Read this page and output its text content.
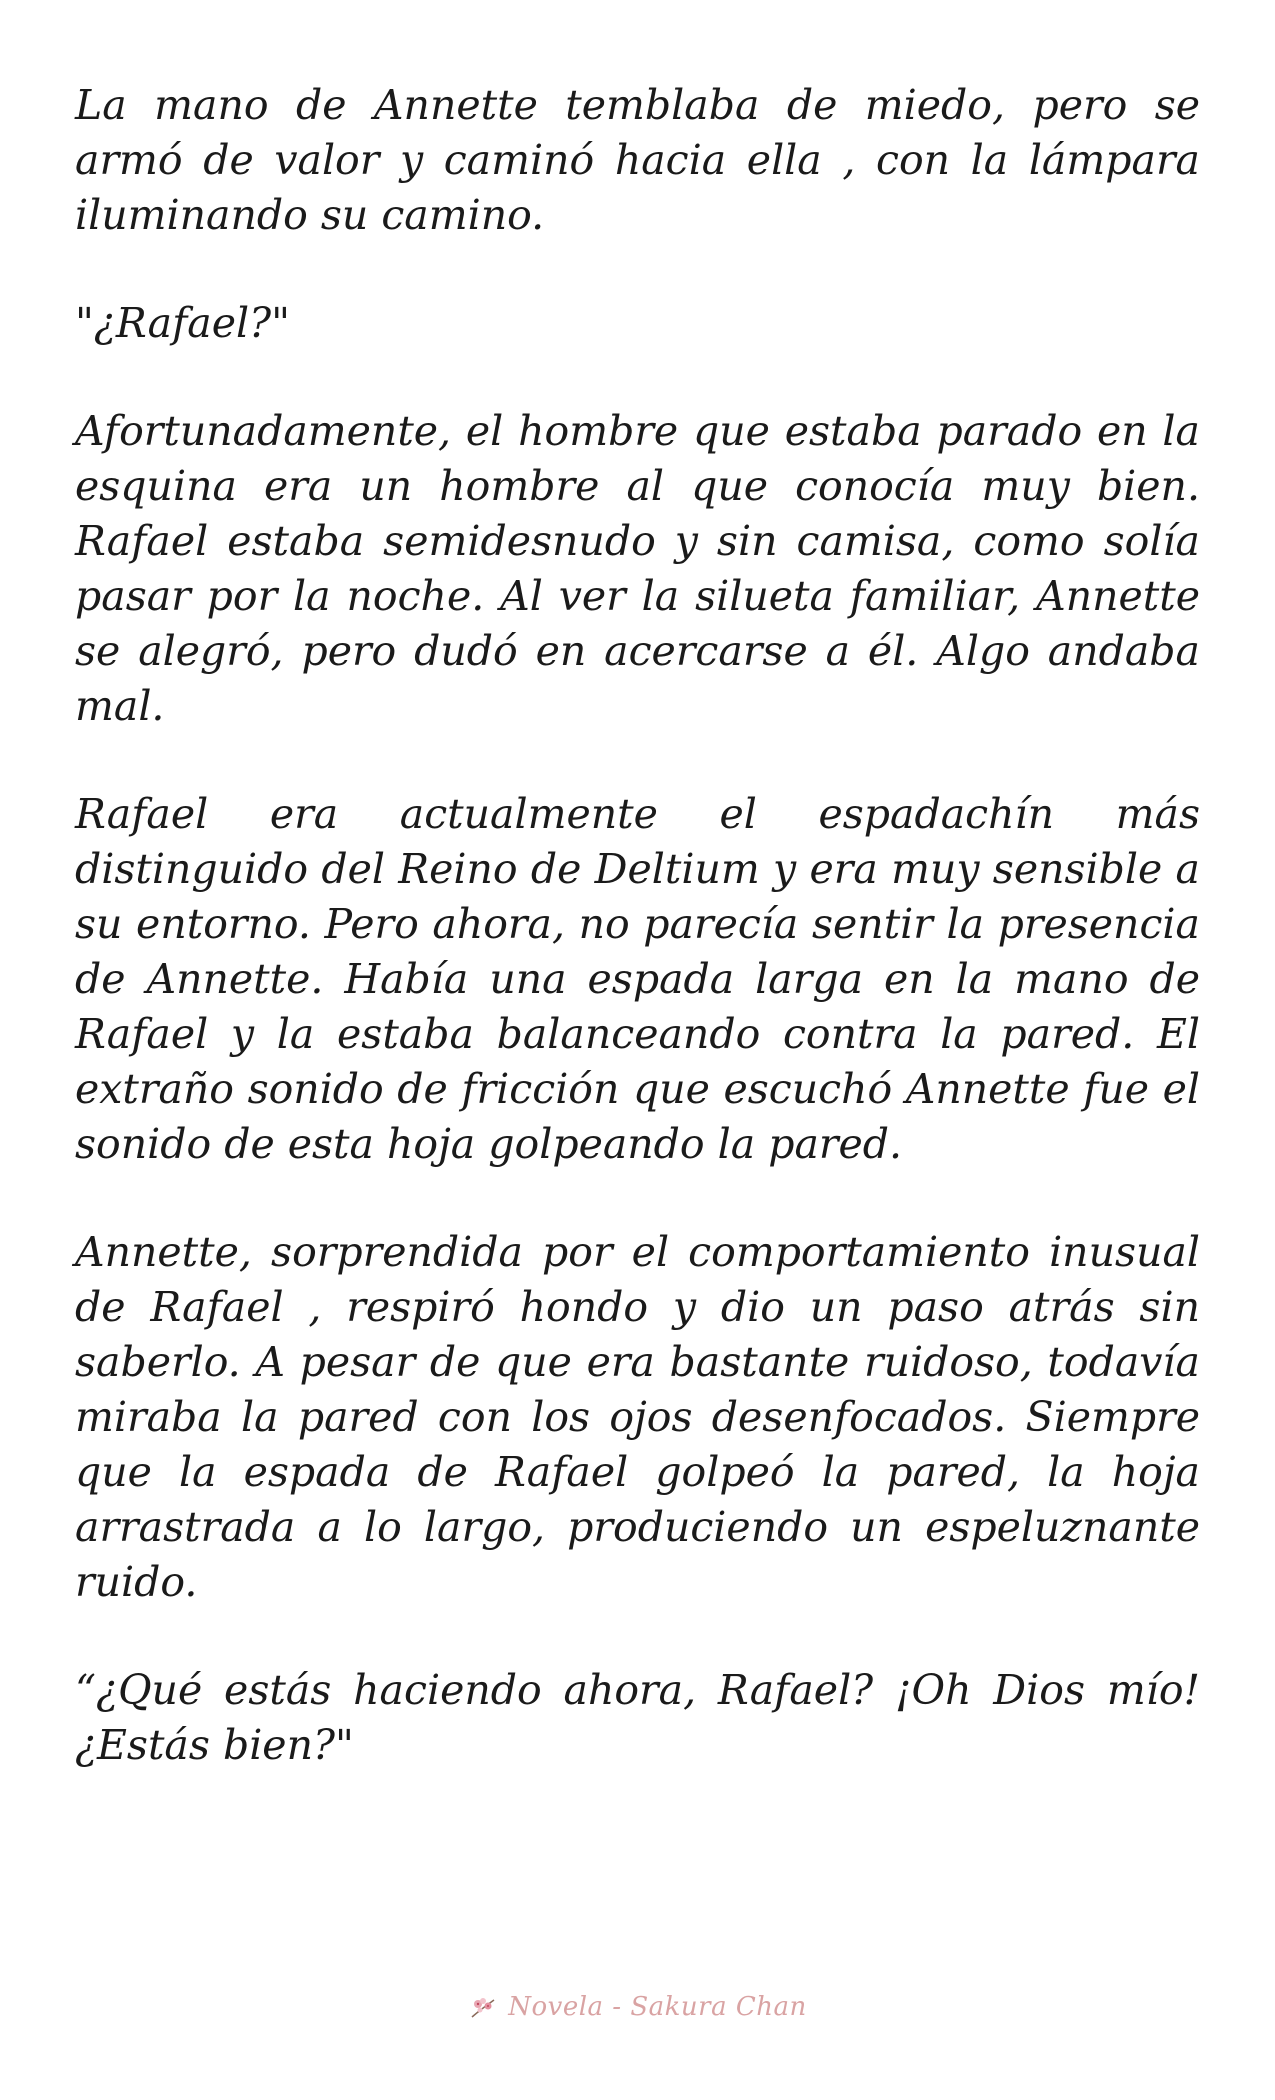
La mano de Annette temblaba de miedo, pero se armó de valor y caminó hacia ella , con la lámpara iluminando su camino.

"¿Rafael?"

Afortunadamente, el hombre que estaba parado en la esquina era un hombre al que conocía muy bien. Rafael estaba semidesnudo y sin camisa, como solía pasar por la noche. Al ver la silueta familiar, Annette se alegró, pero dudó en acercarse a él. Algo andaba mal.

Rafael era actualmente el espadachín más distinguido del Reino de Deltium y era muy sensible a su entorno. Pero ahora, no parecía sentir la presencia de Annette. Había una espada larga en la mano de Rafael y la estaba balanceando contra la pared. El extraño sonido de fricción que escuchó Annette fue el sonido de esta hoja golpeando la pared.

Annette, sorprendida por el comportamiento inusual de Rafael , respiró hondo y dio un paso atrás sin saberlo. A pesar de que era bastante ruidoso, todavía miraba la pared con los ojos desenfocados. Siempre que la espada de Rafael golpeó la pared, la hoja arrastrada a lo largo, produciendo un espeluznante ruido.

“¿Qué estás haciendo ahora, Rafael? ¡Oh Dios mío! ¿Estás bien?"

Novela - Sakura Chan
